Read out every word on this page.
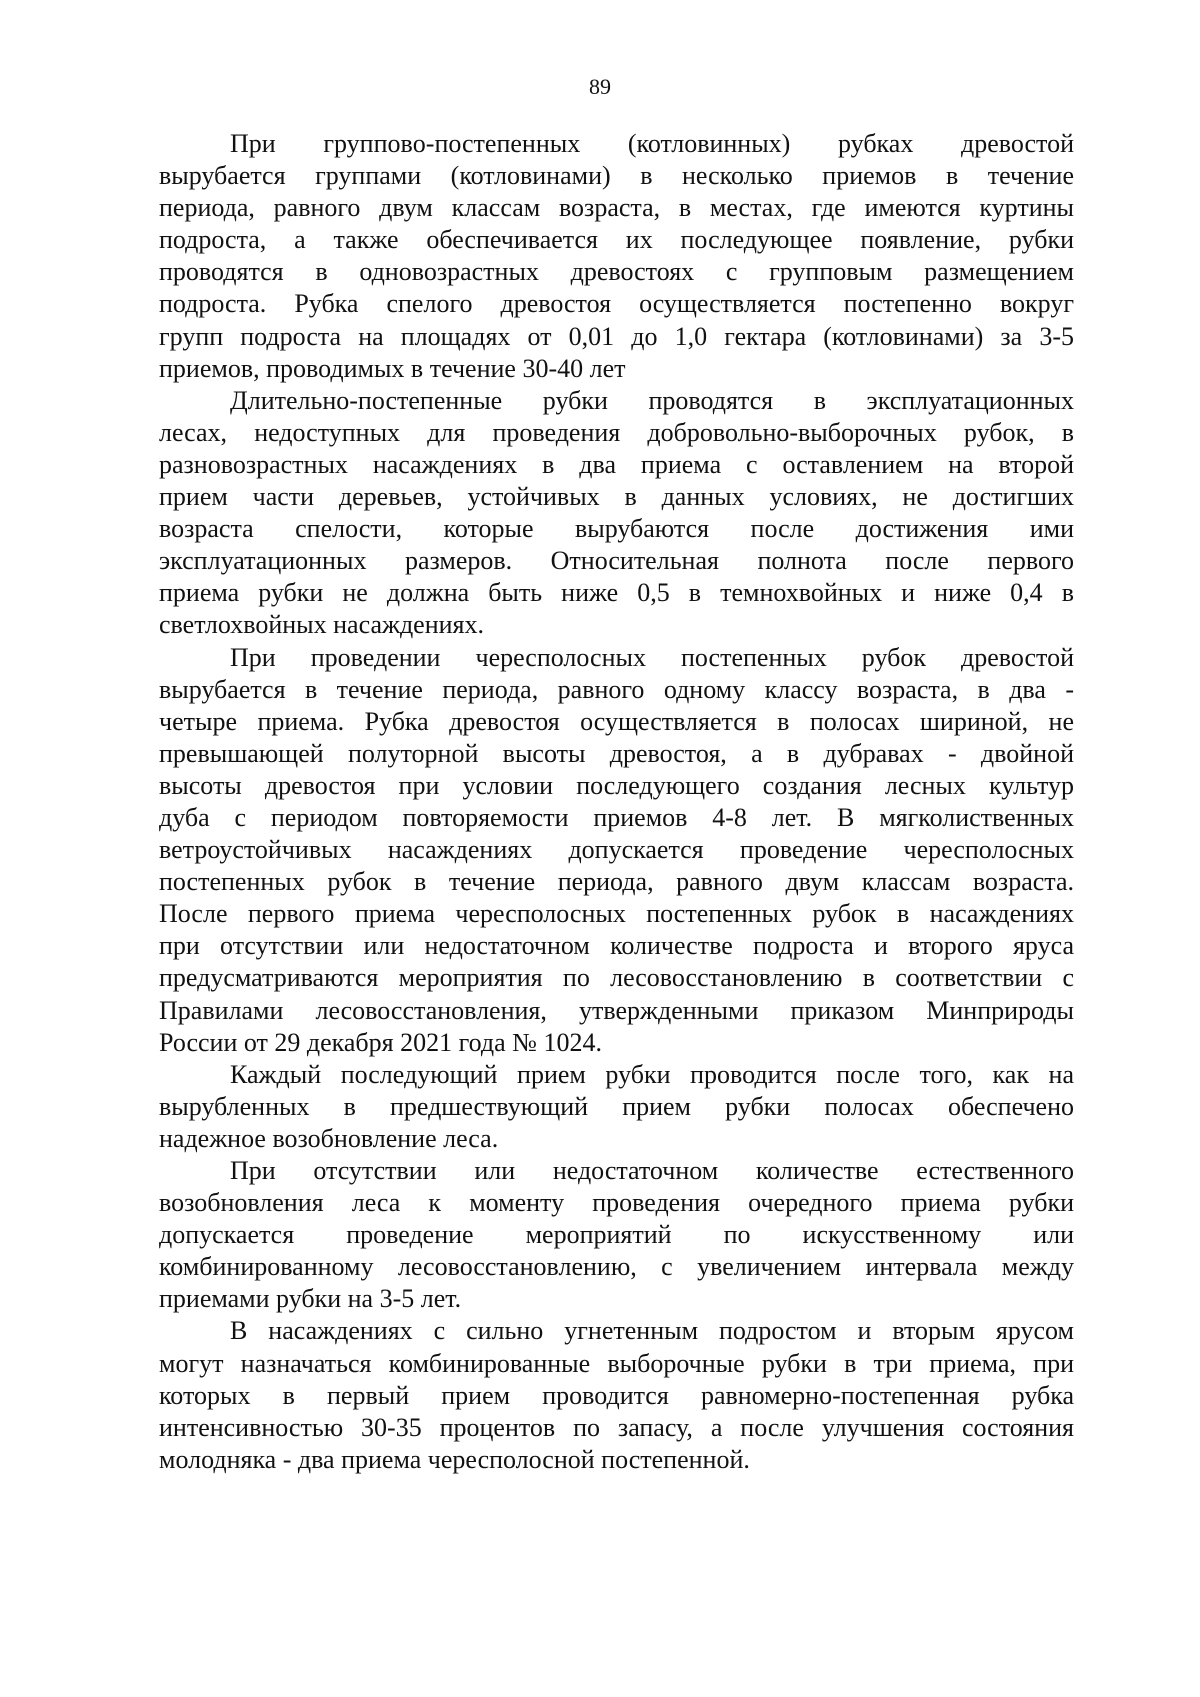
89

При групповo-постепенных (котловинных) рубках древостой
вырубается группами (котловинами) в несколько приемов в течение
периода, равного двум классам возраста, в местах, где имеются куртины
подроста, а также обеспечивается их последующее появление, рубки
проводятся в одновозрастных древостоях с групповым размещением
подроста. Рубка спелого древостоя осуществляется постепенно вокруг
групп подроста на площадях от 0,01 до 1,0 гектара (котловинами) за 3-5
приемов, проводимых в течение 30-40 лет

Длительно-постепенные рубки проводятся в эксплуатационных
лесах, недоступных для проведения добровольно-выборочных рубок, в
разновозрастных насаждениях в два приема с оставлением на второй
прием части деревьев, устойчивых в данных условиях, не достигших
возраста спелости, которые вырубаются после достижения ими
эксплуатационных размеров. Относительная полнота после первого
приема рубки не должна быть ниже 0,5 в темнохвойных и ниже 0,4 в
светлохвойных насаждениях.

При проведении чересполосных постепенных рубок древостой
вырубается в течение периода, равного одному классу возраста, в два -
четыре приема. Рубка древостоя осуществляется в полосах шириной, не
превышающей полуторной высоты древостоя, а в дубравах - двойной
высоты древостоя при условии последующего создания лесных культур
дуба с периодом повторяемости приемов 4-8 лет. В мягколиственных
ветроустойчивых насаждениях допускается проведение чересполосных
постепенных рубок в течение периода, равного двум классам возраста.
После первого приема чересполосных постепенных рубок в насаждениях
при отсутствии или недостаточном количестве подроста и второго яруса
предусматриваются мероприятия по лесовосстановлению в соответствии с
Правилами лесовосстановления, утвержденными приказом Минприроды
России от 29 декабря 2021 года № 1024.

Каждый последующий прием рубки проводится после того, как на
вырубленных в предшествующий прием рубки полосах обеспечено
надежное возобновление леса.

При отсутствии или недостаточном количестве естественного
возобновления леса к моменту проведения очередного приема рубки
допускается проведение мероприятий по искусственному или
комбинированному лесовосстановлению, с увеличением интервала между
приемами рубки на 3-5 лет.

В насаждениях с сильно угнетенным подростом и вторым ярусом
могут назначаться комбинированные выборочные рубки в три приема, при
которых в первый прием проводится равномерно-постепенная рубка
интенсивностью 30-35 процентов по запасу, а после улучшения состояния
молодняка - два приема чересполосной постепенной.
